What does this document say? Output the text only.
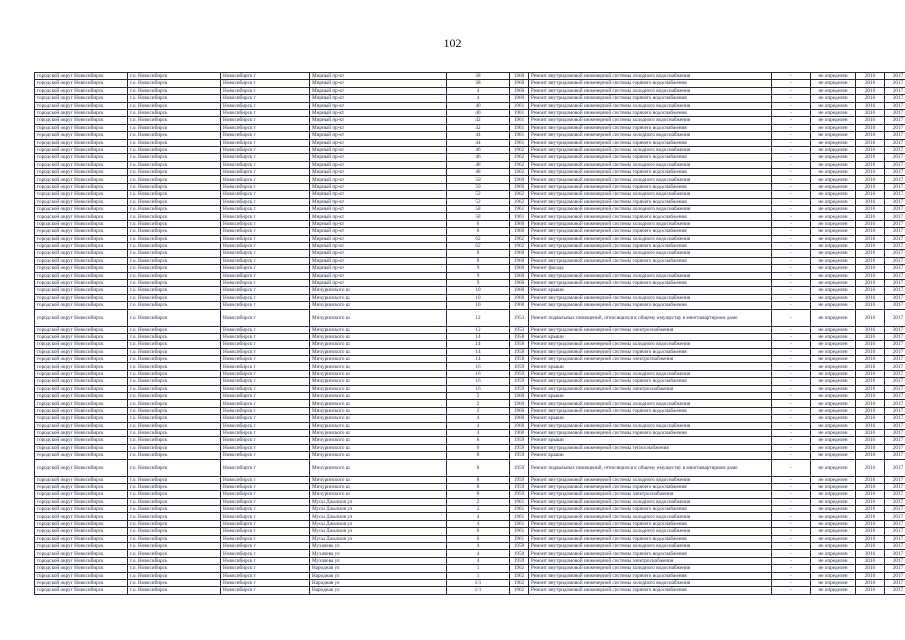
102
городской округ Новосибирск	г.о. Новосибирск	Новосибирск г	Мирный пр-кт	38	1960	Ремонт внутридомовой инженерной системы холодного водоснабжения	-	не определен	2016	2017
городской округ Новосибирск	г.о. Новосибирск	Новосибирск г	Мирный пр-кт	38	1960	Ремонт внутридомовой инженерной системы горячего водоснабжения	-	не определен	2016	2017
городской округ Новосибирск	г.о. Новосибирск	Новосибирск г	Мирный пр-кт	4	1960	Ремонт внутридомовой инженерной системы холодного водоснабжения	-	не определен	2016	2017
городской округ Новосибирск	г.о. Новосибирск	Новосибирск г	Мирный пр-кт	4	1960	Ремонт внутридомовой инженерной системы горячего водоснабжения	-	не определен	2016	2017
городской округ Новосибирск	г.о. Новосибирск	Новосибирск г	Мирный пр-кт	40	1961	Ремонт внутридомовой инженерной системы холодного водоснабжения	-	не определен	2016	2017
городской округ Новосибирск	г.о. Новосибирск	Новосибирск г	Мирный пр-кт	40	1961	Ремонт внутридомовой инженерной системы горячего водоснабжения	-	не определен	2016	2017
городской округ Новосибирск	г.о. Новосибирск	Новосибирск г	Мирный пр-кт	42	1961	Ремонт внутридомовой инженерной системы холодного водоснабжения	-	не определен	2016	2017
городской округ Новосибирск	г.о. Новосибирск	Новосибирск г	Мирный пр-кт	42	1961	Ремонт внутридомовой инженерной системы горячего водоснабжения	-	не определен	2016	2017
городской округ Новосибирск	г.о. Новосибирск	Новосибирск г	Мирный пр-кт	44	1961	Ремонт внутридомовой инженерной системы холодного водоснабжения	-	не определен	2016	2017
городской округ Новосибирск	г.о. Новосибирск	Новосибирск г	Мирный пр-кт	44	1961	Ремонт внутридомовой инженерной системы горячего водоснабжения	-	не определен	2016	2017
городской округ Новосибирск	г.о. Новосибирск	Новосибирск г	Мирный пр-кт	46	1962	Ремонт внутридомовой инженерной системы холодного водоснабжения	-	не определен	2016	2017
городской округ Новосибирск	г.о. Новосибирск	Новосибирск г	Мирный пр-кт	46	1962	Ремонт внутридомовой инженерной системы горячего водоснабжения	-	не определен	2016	2017
городской округ Новосибирск	г.о. Новосибирск	Новосибирск г	Мирный пр-кт	48	1962	Ремонт внутридомовой инженерной системы холодного водоснабжения	-	не определен	2016	2017
городской округ Новосибирск	г.о. Новосибирск	Новосибирск г	Мирный пр-кт	48	1962	Ремонт внутридомовой инженерной системы горячего водоснабжения	-	не определен	2016	2017
городской округ Новосибирск	г.о. Новосибирск	Новосибирск г	Мирный пр-кт	50	1960	Ремонт внутридомовой инженерной системы холодного водоснабжения	-	не определен	2016	2017
городской округ Новосибирск	г.о. Новосибирск	Новосибирск г	Мирный пр-кт	50	1960	Ремонт внутридомовой инженерной системы горячего водоснабжения	-	не определен	2016	2017
городской округ Новосибирск	г.о. Новосибирск	Новосибирск г	Мирный пр-кт	52	1962	Ремонт внутридомовой инженерной системы холодного водоснабжения	-	не определен	2016	2017
городской округ Новосибирск	г.о. Новосибирск	Новосибирск г	Мирный пр-кт	52	1962	Ремонт внутридомовой инженерной системы горячего водоснабжения	-	не определен	2016	2017
городской округ Новосибирск	г.о. Новосибирск	Новосибирск г	Мирный пр-кт	58	1961	Ремонт внутридомовой инженерной системы холодного водоснабжения	-	не определен	2016	2017
городской округ Новосибирск	г.о. Новосибирск	Новосибирск г	Мирный пр-кт	58	1961	Ремонт внутридомовой инженерной системы горячего водоснабжения	-	не определен	2016	2017
городской округ Новосибирск	г.о. Новосибирск	Новосибирск г	Мирный пр-кт	6	1960	Ремонт внутридомовой инженерной системы холодного водоснабжения	-	не определен	2016	2017
городской округ Новосибирск	г.о. Новосибирск	Новосибирск г	Мирный пр-кт	6	1960	Ремонт внутридомовой инженерной системы горячего водоснабжения	-	не определен	2016	2017
городской округ Новосибирск	г.о. Новосибирск	Новосибирск г	Мирный пр-кт	62	1962	Ремонт внутридомовой инженерной системы холодного водоснабжения	-	не определен	2016	2017
городской округ Новосибирск	г.о. Новосибирск	Новосибирск г	Мирный пр-кт	62	1962	Ремонт внутридомовой инженерной системы горячего водоснабжения	-	не определен	2016	2017
городской округ Новосибирск	г.о. Новосибирск	Новосибирск г	Мирный пр-кт	8	1960	Ремонт внутридомовой инженерной системы холодного водоснабжения	-	не определен	2016	2017
городской округ Новосибирск	г.о. Новосибирск	Новосибирск г	Мирный пр-кт	8	1960	Ремонт внутридомовой инженерной системы горячего водоснабжения	-	не определен	2016	2017
городской округ Новосибирск	г.о. Новосибирск	Новосибирск г	Мирный пр-кт	9	1960	Ремонт фасада	-	не определен	2016	2017
городской округ Новосибирск	г.о. Новосибирск	Новосибирск г	Мирный пр-кт	9	1960	Ремонт внутридомовой инженерной системы холодного водоснабжения	-	не определен	2016	2017
городской округ Новосибирск	г.о. Новосибирск	Новосибирск г	Мирный пр-кт	9	1960	Ремонт внутридомовой инженерной системы горячего водоснабжения	-	не определен	2016	2017
городской округ Новосибирск	г.о. Новосибирск	Новосибирск г	Мичуринского ш	10	1960	Ремонт крыши	-	не определен	2016	2017
городской округ Новосибирск	г.о. Новосибирск	Новосибирск г	Мичуринского ш	10	1960	Ремонт внутридомовой инженерной системы холодного водоснабжения	-	не определен	2016	2017
городской округ Новосибирск	г.о. Новосибирск	Новосибирск г	Мичуринского ш	10	1960	Ремонт внутридомовой инженерной системы горячего водоснабжения	-	не определен	2016	2017
городской округ Новосибирск	г.о. Новосибирск	Новосибирск г	Мичуринского ш	12	1953	Ремонт подвальных помещений, относящихся к общему имуществу в многоквартирном доме	-	не определен	2016	2017
городской округ Новосибирск	г.о. Новосибирск	Новосибирск г	Мичуринского ш	12	1953	Ремонт внутридомовой инженерной системы электроснабжения	-	не определен	2016	2017
городской округ Новосибирск	г.о. Новосибирск	Новосибирск г	Мичуринского ш	14	1958	Ремонт крыши	-	не определен	2016	2017
городской округ Новосибирск	г.о. Новосибирск	Новосибирск г	Мичуринского ш	14	1958	Ремонт внутридомовой инженерной системы холодного водоснабжения	-	не определен	2016	2017
городской округ Новосибирск	г.о. Новосибирск	Новосибирск г	Мичуринского ш	14	1958	Ремонт внутридомовой инженерной системы горячего водоснабжения	-	не определен	2016	2017
городской округ Новосибирск	г.о. Новосибирск	Новосибирск г	Мичуринского ш	14	1958	Ремонт внутридомовой инженерной системы электроснабжения	-	не определен	2016	2017
городской округ Новосибирск	г.о. Новосибирск	Новосибирск г	Мичуринского ш	16	1959	Ремонт крыши	-	не определен	2016	2017
городской округ Новосибирск	г.о. Новосибирск	Новосибирск г	Мичуринского ш	16	1959	Ремонт внутридомовой инженерной системы холодного водоснабжения	-	не определен	2016	2017
городской округ Новосибирск	г.о. Новосибирск	Новосибирск г	Мичуринского ш	16	1959	Ремонт внутридомовой инженерной системы горячего водоснабжения	-	не определен	2016	2017
городской округ Новосибирск	г.о. Новосибирск	Новосибирск г	Мичуринского ш	16	1959	Ремонт внутридомовой инженерной системы электроснабжения	-	не определен	2016	2017
городской округ Новосибирск	г.о. Новосибирск	Новосибирск г	Мичуринского ш	2	1960	Ремонт крыши	-	не определен	2016	2017
городской округ Новосибирск	г.о. Новосибирск	Новосибирск г	Мичуринского ш	2	1960	Ремонт внутридомовой инженерной системы холодного водоснабжения	-	не определен	2016	2017
городской округ Новосибирск	г.о. Новосибирск	Новосибирск г	Мичуринского ш	2	1960	Ремонт внутридомовой инженерной системы горячего водоснабжения	-	не определен	2016	2017
городской округ Новосибирск	г.о. Новосибирск	Новосибирск г	Мичуринского ш	4	1960	Ремонт крыши	-	не определен	2016	2017
городской округ Новосибирск	г.о. Новосибирск	Новосибирск г	Мичуринского ш	4	1960	Ремонт внутридомовой инженерной системы холодного водоснабжения	-	не определен	2016	2017
городской округ Новосибирск	г.о. Новосибирск	Новосибирск г	Мичуринского ш	4	1960	Ремонт внутридомовой инженерной системы горячего водоснабжения	-	не определен	2016	2017
городской округ Новосибирск	г.о. Новосибирск	Новосибирск г	Мичуринского ш	6	1959	Ремонт крыши	-	не определен	2016	2017
городской округ Новосибирск	г.о. Новосибирск	Новосибирск г	Мичуринского ш	6	1959	Ремонт внутридомовой инженерной системы теплоснабжения	-	не определен	2016	2017
городской округ Новосибирск	г.о. Новосибирск	Новосибирск г	Мичуринского ш	8	1959	Ремонт крыши	-	не определен	2016	2017
городской округ Новосибирск	г.о. Новосибирск	Новосибирск г	Мичуринского ш	8	1959	Ремонт подвальных помещений, относящихся к общему имуществу в многоквартирном доме	-	не определен	2016	2017
городской округ Новосибирск	г.о. Новосибирск	Новосибирск г	Мичуринского ш	8	1959	Ремонт внутридомовой инженерной системы холодного водоснабжения	-	не определен	2016	2017
городской округ Новосибирск	г.о. Новосибирск	Новосибирск г	Мичуринского ш	8	1959	Ремонт внутридомовой инженерной системы горячего водоснабжения	-	не определен	2016	2017
городской округ Новосибирск	г.о. Новосибирск	Новосибирск г	Мичуринского ш	8	1959	Ремонт внутридомовой инженерной системы электроснабжения	-	не определен	2016	2017
городской округ Новосибирск	г.о. Новосибирск	Новосибирск г	Мусы Джалиля ул	2	1961	Ремонт внутридомовой инженерной системы холодного водоснабжения	-	не определен	2016	2017
городской округ Новосибирск	г.о. Новосибирск	Новосибирск г	Мусы Джалиля ул	2	1961	Ремонт внутридомовой инженерной системы горячего водоснабжения	-	не определен	2016	2017
городской округ Новосибирск	г.о. Новосибирск	Новосибирск г	Мусы Джалиля ул	4	1961	Ремонт внутридомовой инженерной системы холодного водоснабжения	-	не определен	2016	2017
городской округ Новосибирск	г.о. Новосибирск	Новосибирск г	Мусы Джалиля ул	4	1961	Ремонт внутридомовой инженерной системы горячего водоснабжения	-	не определен	2016	2017
городской округ Новосибирск	г.о. Новосибирск	Новосибирск г	Мусы Джалиля ул	6	1961	Ремонт внутридомовой инженерной системы холодного водоснабжения	-	не определен	2016	2017
городской округ Новосибирск	г.о. Новосибирск	Новосибирск г	Мусы Джалиля ул	6	1961	Ремонт внутридомовой инженерной системы горячего водоснабжения	-	не определен	2016	2017
городской округ Новосибирск	г.о. Новосибирск	Новосибирск г	Мухачева ул	4	1959	Ремонт внутридомовой инженерной системы холодного водоснабжения	-	не определен	2016	2017
городской округ Новосибирск	г.о. Новосибирск	Новосибирск г	Мухачева ул	4	1959	Ремонт внутридомовой инженерной системы горячего водоснабжения	-	не определен	2016	2017
городской округ Новосибирск	г.о. Новосибирск	Новосибирск г	Мухачева ул	4	1959	Ремонт внутридомовой инженерной системы электроснабжения	-	не определен	2016	2017
городской округ Новосибирск	г.о. Новосибирск	Новосибирск г	Народная ул	1	1962	Ремонт внутридомовой инженерной системы холодного водоснабжения	-	не определен	2016	2017
городской округ Новосибирск	г.о. Новосибирск	Новосибирск г	Народная ул	1	1962	Ремонт внутридомовой инженерной системы горячего водоснабжения	-	не определен	2016	2017
городской округ Новосибирск	г.о. Новосибирск	Новосибирск г	Народная ул	1/1	1962	Ремонт внутридомовой инженерной системы холодного водоснабжения	-	не определен	2016	2017
городской округ Новосибирск	г.о. Новосибирск	Новосибирск г	Народная ул	1/1	1962	Ремонт внутридомовой инженерной системы горячего водоснабжения	-	не определен	2016	2017
